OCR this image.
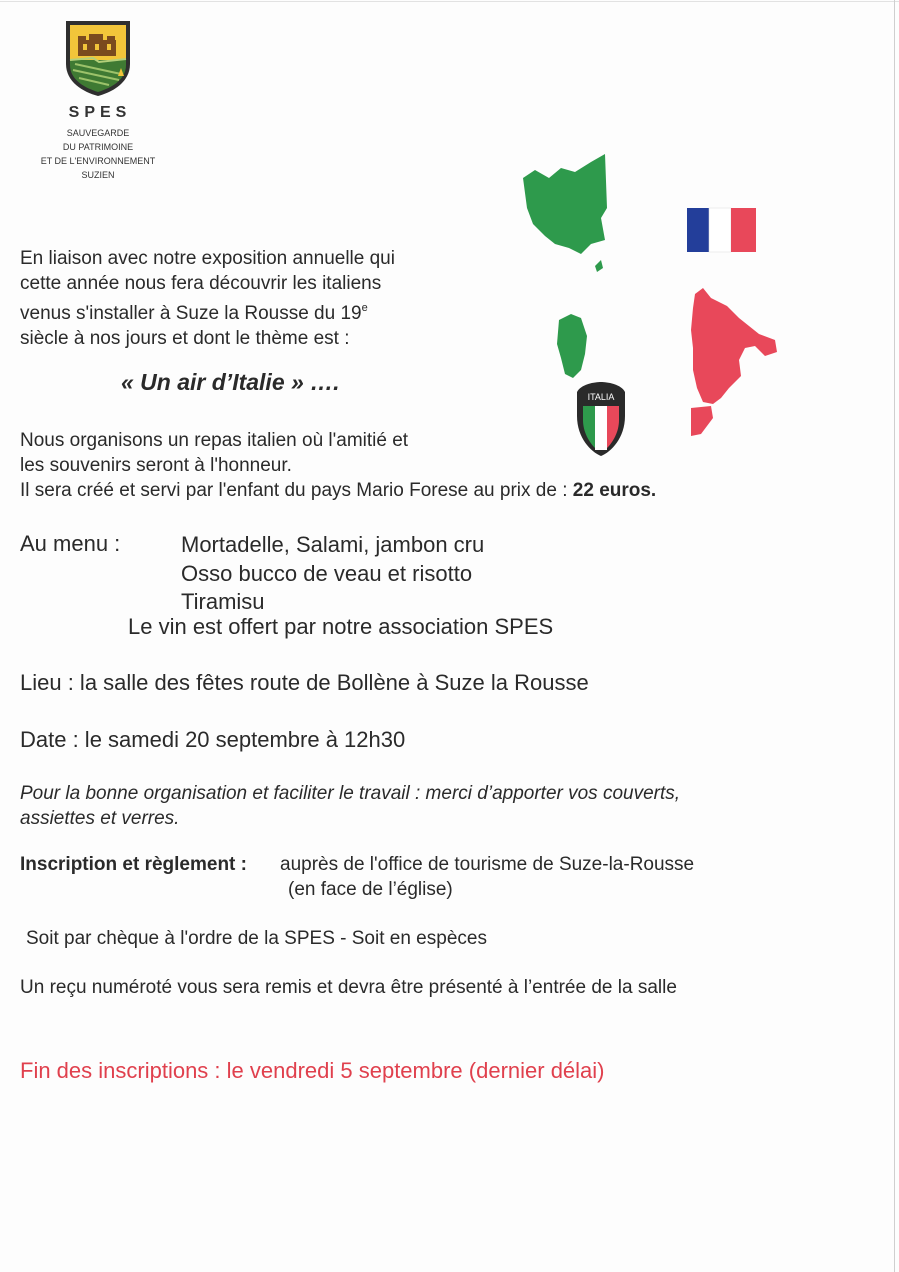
SPES
SAUVEGARDE
DU PATRIMOINE
ET DE L'ENVIRONNEMENT
SUZIEN
ITALIA
En liaison avec notre exposition annuelle qui
cette année nous fera découvrir les italiens
venus s'installer à Suze la Rousse du 19e
siècle à nos jours et dont le thème est :
« Un air d’Italie » ….
Nous organisons un repas italien où l'amitié et
les souvenirs seront à l'honneur.
Il sera créé et servi par l'enfant du pays Mario Forese au prix de : 22 euros.
Au menu :	Mortadelle, Salami, jambon cru
Osso bucco de veau et risotto
Tiramisu
Le vin est offert par notre association SPES
Lieu : la salle des fêtes route de Bollène à Suze la Rousse
Date : le samedi 20 septembre à 12h30
Pour la bonne organisation et faciliter le travail : merci d’apporter vos couverts,
assiettes et verres.
Inscription et règlement : auprès de l'office de tourisme de Suze-la-Rousse
(en face de l’église)
Soit par chèque à l'ordre de la SPES - Soit en espèces
Un reçu numéroté vous sera remis et devra être présenté à l’entrée de la salle
Fin des inscriptions : le vendredi 5 septembre (dernier délai)
